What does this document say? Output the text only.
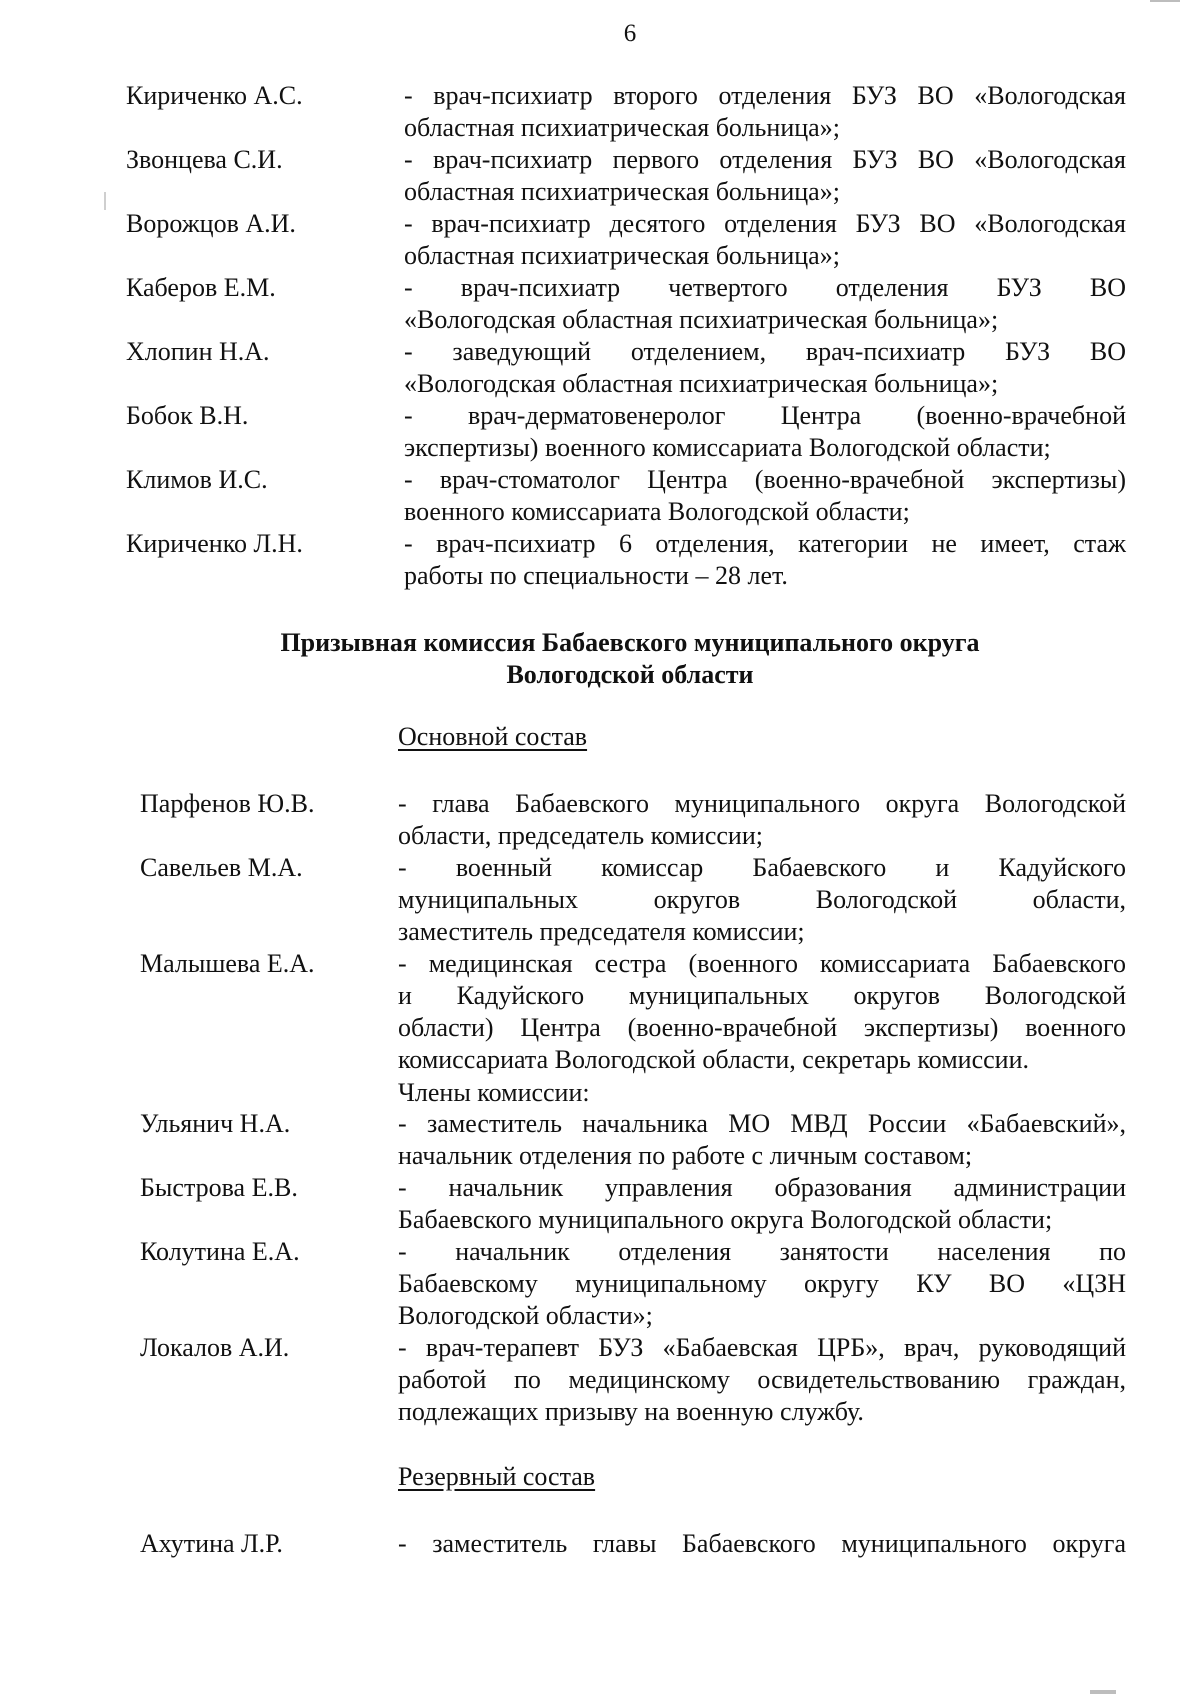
6
Кириченко А.С.	- врач-психиатр второго отделения БУЗ ВО «Вологодская
областная психиатрическая больница»;
Звонцева С.И.	- врач-психиатр первого отделения БУЗ ВО «Вологодская
областная психиатрическая больница»;
Ворожцов А.И.	- врач-психиатр десятого отделения БУЗ ВО «Вологодская
областная психиатрическая больница»;
Каберов Е.М.	- врач-психиатр четвертого отделения БУЗ ВО
«Вологодская областная психиатрическая больница»;
Хлопин Н.А.	- заведующий отделением, врач-психиатр БУЗ ВО
«Вологодская областная психиатрическая больница»;
Бобок В.Н.	- врач-дерматовенеролог Центра (военно-врачебной
экспертизы) военного комиссариата Вологодской области;
Климов И.С.	- врач-стоматолог Центра (военно-врачебной экспертизы)
военного комиссариата Вологодской области;
Кириченко Л.Н.	- врач-психиатр 6 отделения, категории не имеет, стаж
работы по специальности – 28 лет.
Призывная комиссия Бабаевского муниципального округа
Вологодской области
Основной состав
Парфенов Ю.В.	- глава Бабаевского муниципального округа Вологодской
области, председатель комиссии;
Савельев М.А.	- военный комиссар Бабаевского и Кадуйского
муниципальных округов Вологодской области,
заместитель председателя комиссии;
Малышева Е.А.	- медицинская сестра (военного комиссариата Бабаевского
и Кадуйского муниципальных округов Вологодской
области) Центра (военно-врачебной экспертизы) военного
комиссариата Вологодской области, секретарь комиссии.
Члены комиссии:
Ульянич Н.А.	- заместитель начальника МО МВД России «Бабаевский»,
начальник отделения по работе с личным составом;
Быстрова Е.В.	- начальник управления образования администрации
Бабаевского муниципального округа Вологодской области;
Колутина Е.А.	- начальник отделения занятости населения по
Бабаевскому муниципальному округу КУ ВО «ЦЗН
Вологодской области»;
Локалов А.И.	- врач-терапевт БУЗ «Бабаевская ЦРБ», врач, руководящий
работой по медицинскому освидетельствованию граждан,
подлежащих призыву на военную службу.
Резервный состав
Ахутина Л.Р.	- заместитель главы Бабаевского муниципального округа
